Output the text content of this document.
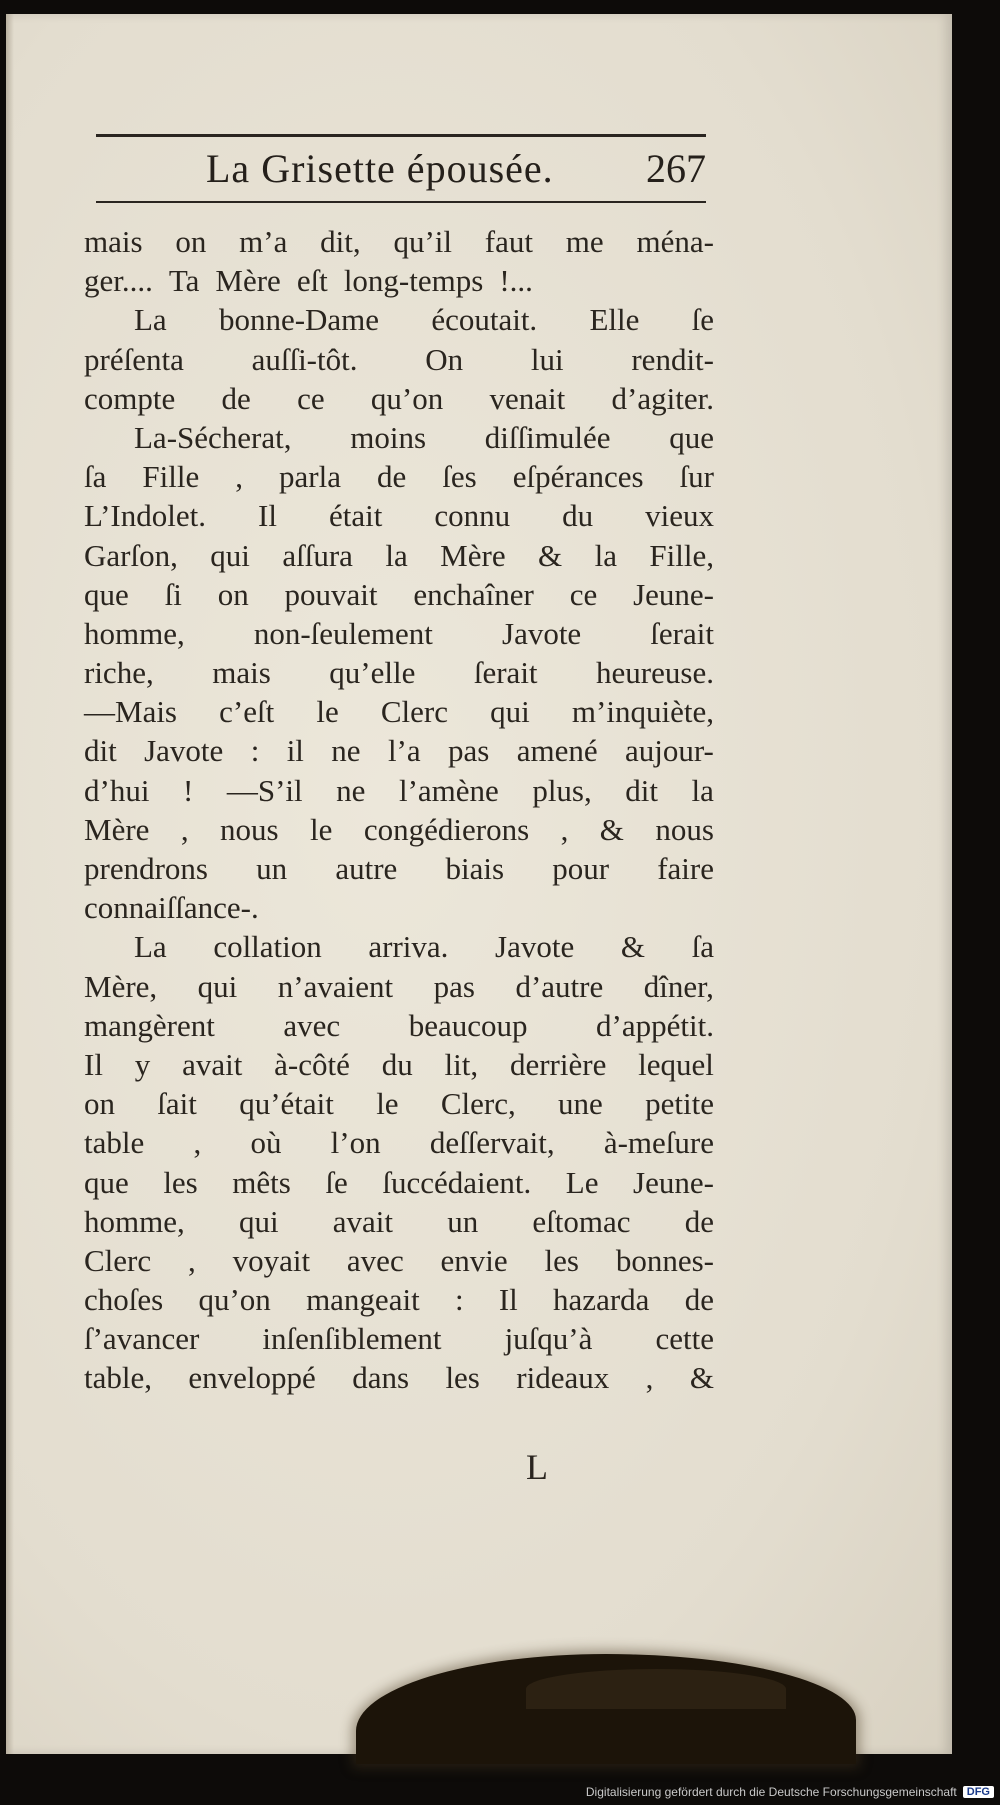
La Grisette épousée. 267
mais on m’a dit, qu’il faut me ména-
ger.... Ta Mère eſt long-temps !...
La bonne-Dame écoutait. Elle ſe
préſenta auſſi-tôt. On lui rendit-
compte de ce qu’on venait d’agiter.
La-Sécherat, moins diſſimulée que
ſa Fille , parla de ſes eſpérances ſur
L’Indolet. Il était connu du vieux
Garſon, qui aſſura la Mère & la Fille,
que ſi on pouvait enchaîner ce Jeune-
homme, non-ſeulement Javote ſerait
riche, mais qu’elle ſerait heureuse.
—Mais c’eſt le Clerc qui m’inquiète,
dit Javote : il ne l’a pas amené aujour-
d’hui ! —S’il ne l’amène plus, dit la
Mère , nous le congédierons , & nous
prendrons un autre biais pour faire
connaiſſance-.
La collation arriva. Javote & ſa
Mère, qui n’avaient pas d’autre dîner,
mangèrent avec beaucoup d’appétit.
Il y avait à-côté du lit, derrière lequel
on ſait qu’était le Clerc, une petite
table , où l’on deſſervait, à-meſure
que les mêts ſe ſuccédaient. Le Jeune-
homme, qui avait un eſtomac de
Clerc , voyait avec envie les bonnes-
choſes qu’on mangeait : Il hazarda de
ſ’avancer inſenſiblement juſqu’à cette
table, enveloppé dans les rideaux , &
L
Digitalisierung gefördert durch die Deutsche Forschungsgemeinschaft DFG
